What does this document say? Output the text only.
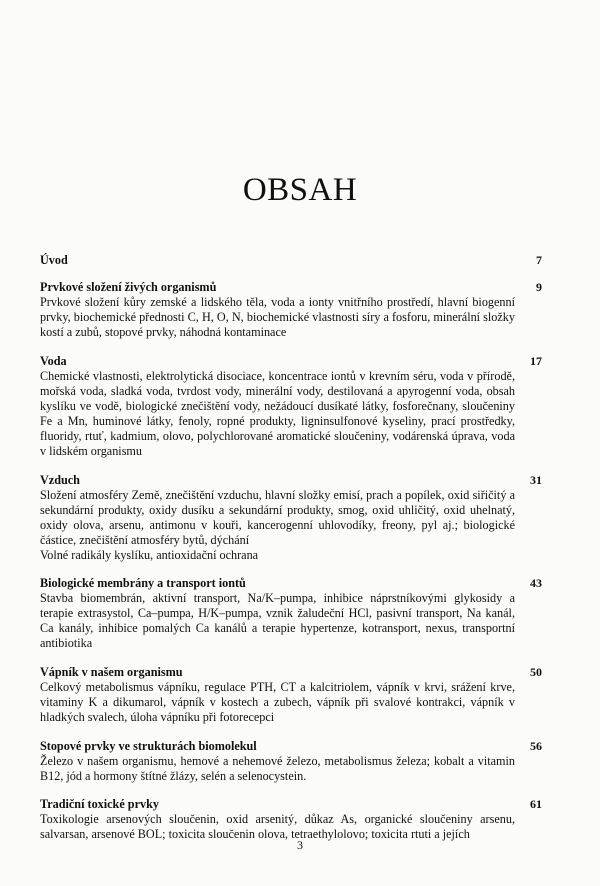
OBSAH
Úvod	7
Prvkové složení živých organismů	9

Prvkové složení kůry zemské a lidského těla, voda a ionty vnitřního prostředí, hlavní biogenní prvky, biochemické přednosti C, H, O, N, biochemické vlastnosti síry a fosforu, minerální složky kostí a zubů, stopové prvky, náhodná kontaminace

Voda	17

Chemické vlastnosti, elektrolytická disociace, koncentrace iontů v krevním séru, voda v přírodě, mořská voda, sladká voda, tvrdost vody, minerální vody, destilovaná a apyrogenní voda, obsah kyslíku ve vodě, biologické znečištění vody, nežádoucí dusíkaté látky, fosforečnany, sloučeniny Fe a Mn, huminové látky, fenoly, ropné produkty, ligninsulfonové kyseliny, prací prostředky, fluoridy, rtuť, kadmium, olovo, polychlorované aromatické sloučeniny, vodárenská úprava, voda v lidském organismu

Vzduch	31

Složení atmosféry Země, znečištění vzduchu, hlavní složky emisí, prach a popílek, oxid siřičitý a sekundární produkty, oxidy dusíku a sekundární produkty, smog, oxid uhličitý, oxid uhelnatý, oxidy olova, arsenu, antimonu v kouři, kancerogenní uhlovodíky, freony, pyl aj.; biologické částice, znečištění atmosféry bytů, dýchání

Volné radikály kyslíku, antioxidační ochrana

Biologické membrány a transport iontů	43

Stavba biomembrán, aktivní transport, Na/K–pumpa, inhibice náprstníkovými glykosidy a terapie extrasystol, Ca–pumpa, H/K–pumpa, vznik žaludeční HCl, pasivní transport, Na kanál, Ca kanály, inhibice pomalých Ca kanálů a terapie hypertenze, kotransport, nexus, transportní antibiotika

Vápník v našem organismu	50

Celkový metabolismus vápníku, regulace PTH, CT a kalcitriolem, vápník v krvi, srážení krve, vitaminy K a dikumarol, vápník v kostech a zubech, vápník při svalové kontrakci, vápník v hladkých svalech, úloha vápníku při fotorecepci

Stopové prvky ve strukturách biomolekul	56

Železo v našem organismu, hemové a nehemové železo, metabolismus železa; kobalt a vitamin B12, jód a hormony štítné žlázy, selén a selenocystein.

Tradiční toxické prvky	61

Toxikologie arsenových sloučenin, oxid arsenitý, důkaz As, organické sloučeniny arsenu, salvarsan, arsenové BOL; toxicita sloučenin olova, tetraethylolovo; toxicita rtuti a jejích

3
